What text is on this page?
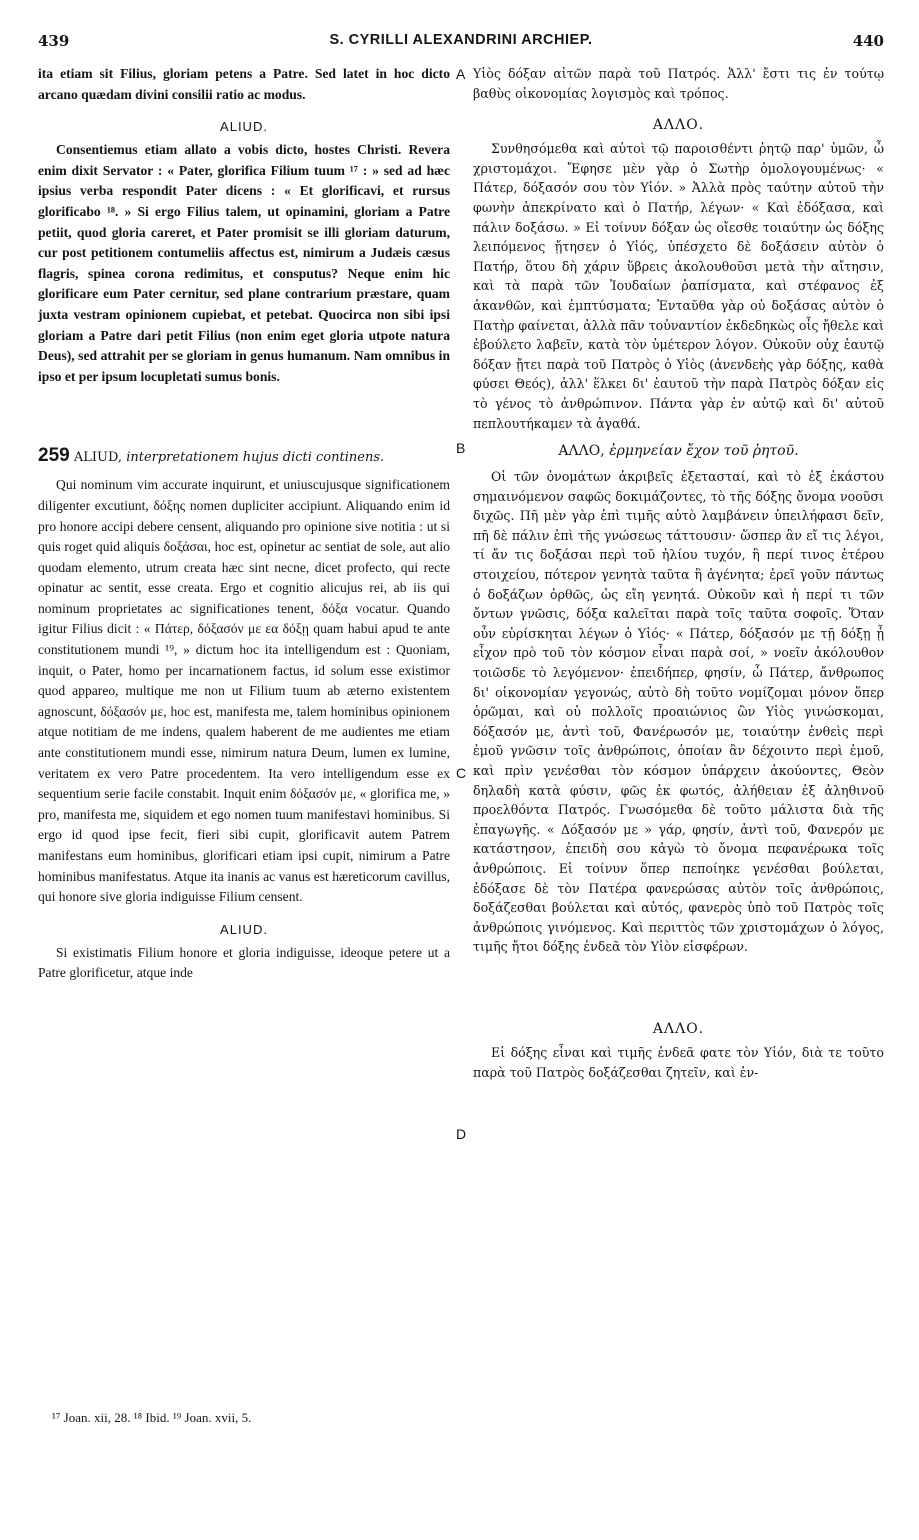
439	S. CYRILLI ALEXANDRINI ARCHIEP.	440
A
B
C
D

ita etiam sit Filius, gloriam petens a Patre. Sed latet in hoc dicto arcano quædam divini consilii ratio ac modus.

ALIUD.

Consentiemus etiam allato a vobis dicto, hostes Christi. Revera enim dixit Servator : « Pater, glorifica Filium tuum ¹⁷ : » sed ad hæc ipsius verba respondit Pater dicens : « Et glorificavi, et rursus glorificabo ¹⁸. » Si ergo Filius talem, ut opinamini, gloriam a Patre petiit, quod gloria careret, et Pater promisit se illi gloriam daturum, cur post petitionem contumeliis affectus est, nimirum a Judæis cæsus flagris, spinea corona redimitus, et consputus? Neque enim hic glorificare eum Pater cernitur, sed plane contrarium præstare, quam juxta vestram opinionem cupiebat, et petebat. Quocirca non sibi ipsi gloriam a Patre dari petit Filius (non enim eget gloria utpote natura Deus), sed attrahit per se gloriam in genus humanum. Nam omnibus in ipso et per ipsum locupletati sumus bonis.

259 ALIUD, interpretationem hujus dicti continens.

Qui nominum vim accurate inquirunt, et uniuscujusque significationem diligenter excutiunt, δόξης nomen dupliciter accipiunt. Aliquando enim id pro honore accipi debere censent, aliquando pro opinione sive notitia : ut si quis roget quid aliquis δοξάσαι, hoc est, opinetur ac sentiat de sole, aut alio quodam elemento, utrum creata hæc sint necne, dicet profecto, qui recte opinatur ac sentit, esse creata. Ergo et cognitio alicujus rei, ab iis qui nominum proprietates ac significationes tenent, δόξα vocatur. Quando igitur Filius dicit : « Πάτερ, δόξασόν με εα δόξῃ quam habui apud te ante constitutionem mundi ¹⁹, » dictum hoc ita intelligendum est : Quoniam, inquit, o Pater, homo per incarnationem factus, id solum esse existimor quod appareo, multique me non ut Filium tuum ab æterno existentem agnoscunt, δόξασόν με, hoc est, manifesta me, talem hominibus opinionem atque notitiam de me indens, qualem haberent de me audientes me etiam ante constitutionem mundi esse, nimirum natura Deum, lumen ex lumine, veritatem ex vero Patre procedentem. Ita vero intelligendum esse ex sequentium serie facile constabit. Inquit enim δόξασόν με, « glorifica me, » pro, manifesta me, siquidem et ego nomen tuum manifestavi hominibus. Si ergo id quod ipse fecit, fieri sibi cupit, glorificavit autem Patrem manifestans eum hominibus, glorificari etiam ipsi cupit, nimirum a Patre hominibus manifestatus. Atque ita inanis ac vanus est hæreticorum cavillus, qui honore sive gloria indiguisse Filium censent.

ALIUD.

Si existimatis Filium honore et gloria indiguisse, ideoque petere ut a Patre glorificetur, atque inde

Υἱὸς δόξαν αἰτῶν παρὰ τοῦ Πατρός. Ἀλλ' ἔστι τις ἐν τούτῳ βαθὺς οἰκονομίας λογισμὸς καὶ τρόπος.

ΑΛΛΟ.

Συνθησόμεθα καὶ αὐτοὶ τῷ παροισθέντι ῥητῷ παρ' ὑμῶν, ὦ χριστομάχοι. Ἔφησε μὲν γὰρ ὁ Σωτὴρ ὁμολογουμένως· « Πάτερ, δόξασόν σου τὸν Υἱόν. » Ἀλλὰ πρὸς ταύτην αὐτοῦ τὴν φωνὴν ἀπεκρίνατο καὶ ὁ Πατήρ, λέγων· « Καὶ ἐδόξασα, καὶ πάλιν δοξάσω. » Εἰ τοίνυν δόξαν ὡς οἴεσθε τοιαύτην ὡς δόξης λειπόμενος ᾔτησεν ὁ Υἱός, ὑπέσχετο δὲ δοξάσειν αὐτὸν ὁ Πατήρ, ὅτου δὴ χάριν ὕβρεις ἀκολουθοῦσι μετὰ τὴν αἴτησιν, καὶ τὰ παρὰ τῶν Ἰουδαίων ῥαπίσματα, καὶ στέφανος ἐξ ἀκανθῶν, καὶ ἐμπτύσματα; Ἐνταῦθα γὰρ οὐ δοξάσας αὐτὸν ὁ Πατὴρ φαίνεται, ἀλλὰ πᾶν τοὐναντίον ἐκδεδηκὼς οἷς ἤθελε καὶ ἐβούλετο λαβεῖν, κατὰ τὸν ὑμέτερον λόγον. Οὐκοῦν οὐχ ἑαυτῷ δόξαν ᾔτει παρὰ τοῦ Πατρὸς ὁ Υἱὸς (ἀνενδεὴς γὰρ δόξης, καθὰ φύσει Θεός), ἀλλ' ἕλκει δι' ἑαυτοῦ τὴν παρὰ Πατρὸς δόξαν εἰς τὸ γένος τὸ ἀνθρώπινον. Πάντα γὰρ ἐν αὐτῷ καὶ δι' αὐτοῦ πεπλουτήκαμεν τὰ ἀγαθά.

ΑΛΛΟ, ἑρμηνείαν ἔχον τοῦ ῥητοῦ.

Οἱ τῶν ὀνομάτων ἀκριβεῖς ἐξετασταί, καὶ τὸ ἐξ ἑκάστου σημαινόμενον σαφῶς δοκιμάζοντες, τὸ τῆς δόξης ὄνομα νοοῦσι διχῶς. Πῆ μὲν γὰρ ἐπὶ τιμῆς αὐτὸ λαμβάνειν ὑπειλήφασι δεῖν, πῆ δὲ πάλιν ἐπὶ τῆς γνώσεως τάττουσιν· ὥσπερ ἂν εἴ τις λέγοι, τί ἄν τις δοξάσαι περὶ τοῦ ἡλίου τυχόν, ἢ περί τινος ἑτέρου στοιχείου, πότερον γενητὰ ταῦτα ἢ ἀγένητα; ἐρεῖ γοῦν πάντως ὁ δοξάζων ὀρθῶς, ὡς εἴη γενητά. Οὐκοῦν καὶ ἡ περί τι τῶν ὄντων γνῶσις, δόξα καλεῖται παρὰ τοῖς ταῦτα σοφοῖς. Ὅταν οὖν εὑρίσκηται λέγων ὁ Υἱός· « Πάτερ, δόξασόν με τῇ δόξῃ ᾗ εἶχον πρὸ τοῦ τὸν κόσμον εἶναι παρὰ σοί, » νοεῖν ἀκόλουθον τοιῶσδε τὸ λεγόμενον· ἐπειδήπερ, φησίν, ὦ Πάτερ, ἄνθρωπος δι' οἰκονομίαν γεγονώς, αὐτὸ δὴ τοῦτο νομίζομαι μόνον ὅπερ ὁρῶμαι, καὶ οὐ πολλοῖς προαιώνιος ὢν Υἱὸς γινώσκομαι, δόξασόν με, ἀντὶ τοῦ, Φανέρωσόν με, τοιαύτην ἐνθεὶς περὶ ἐμοῦ γνῶσιν τοῖς ἀνθρώποις, ὁποίαν ἂν δέχοιντο περὶ ἐμοῦ, καὶ πρὶν γενέσθαι τὸν κόσμον ὑπάρχειν ἀκούοντες, Θεὸν δηλαδὴ κατὰ φύσιν, φῶς ἐκ φωτός, ἀλήθειαν ἐξ ἀληθινοῦ προελθόντα Πατρός. Γνωσόμεθα δὲ τοῦτο μάλιστα διὰ τῆς ἐπαγωγῆς. « Δόξασόν με » γάρ, φησίν, ἀντὶ τοῦ, Φανερόν με κατάστησον, ἐπειδὴ σου κἀγὼ τὸ ὄνομα πεφανέρωκα τοῖς ἀνθρώποις. Εἰ τοίνυν ὅπερ πεποίηκε γενέσθαι βούλεται, ἐδόξασε δὲ τὸν Πατέρα φανερώσας αὐτὸν τοῖς ἀνθρώποις, δοξάζεσθαι βούλεται καὶ αὐτός, φανερὸς ὑπὸ τοῦ Πατρὸς τοῖς ἀνθρώποις γινόμενος. Καὶ περιττὸς τῶν χριστομάχων ὁ λόγος, τιμῆς ἤτοι δόξης ἐνδεᾶ τὸν Υἱὸν εἰσφέρων.

ΑΛΛΟ.

Εἰ δόξης εἶναι καὶ τιμῆς ἐνδεᾶ φατε τὸν Υἱόν, διὰ τε τοῦτο παρὰ τοῦ Πατρὸς δοξάζεσθαι ζητεῖν, καὶ ἐν-

¹⁷ Joan. xii, 28. ¹⁸ Ibid. ¹⁹ Joan. xvii, 5.
